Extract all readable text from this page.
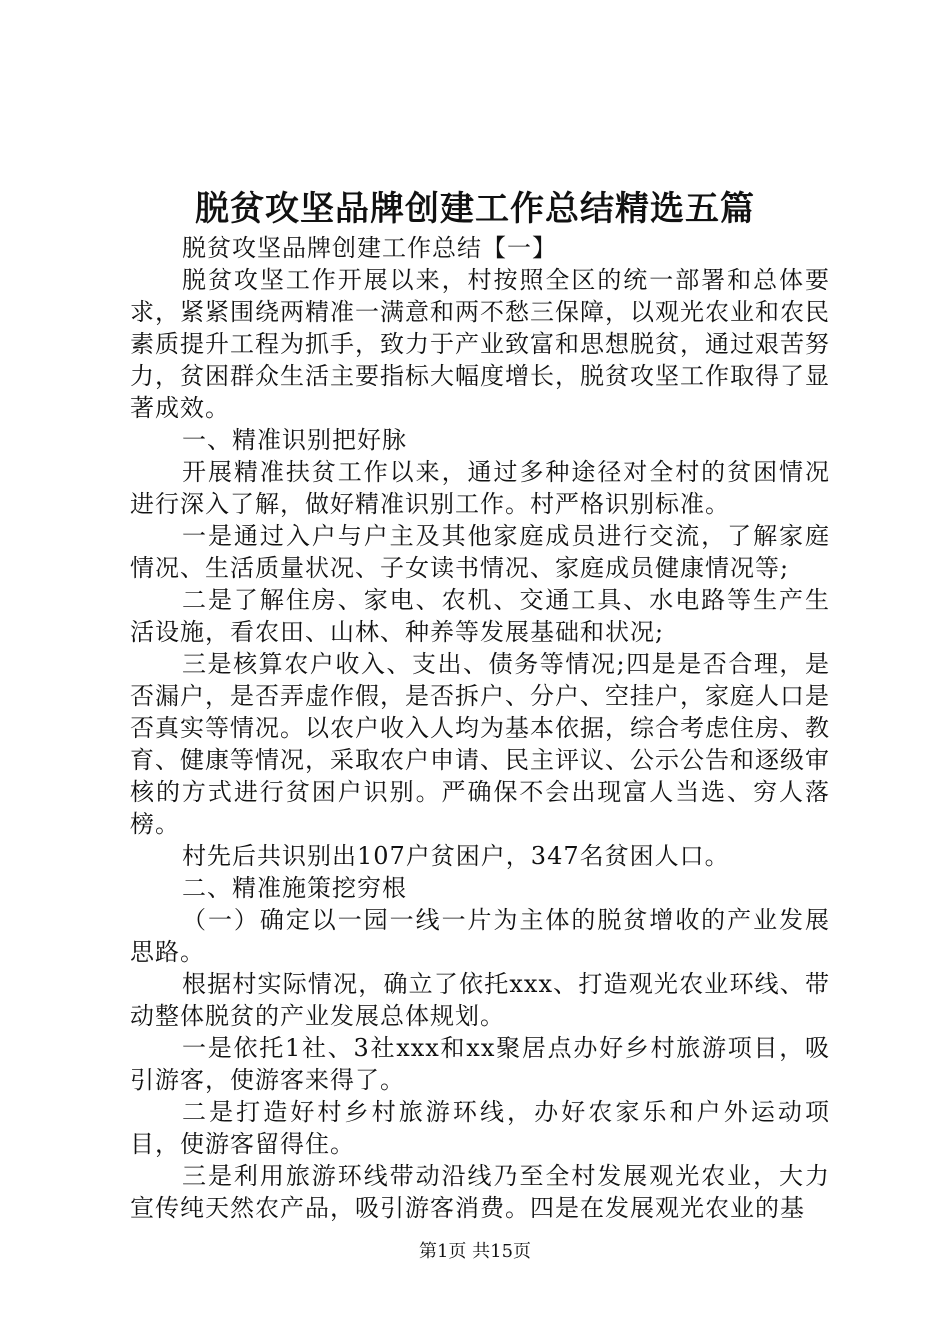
脱贫攻坚品牌创建工作总结精选五篇

脱贫攻坚品牌创建工作总结【一】

脱贫攻坚工作开展以来，村按照全区的统一部署和总体要求，紧紧围绕两精准一满意和两不愁三保障，以观光农业和农民素质提升工程为抓手，致力于产业致富和思想脱贫，通过艰苦努力，贫困群众生活主要指标大幅度增长，脱贫攻坚工作取得了显著成效。

一、精准识别把好脉

开展精准扶贫工作以来，通过多种途径对全村的贫困情况进行深入了解，做好精准识别工作。村严格识别标准。

一是通过入户与户主及其他家庭成员进行交流，了解家庭情况、生活质量状况、子女读书情况、家庭成员健康情况等;

二是了解住房、家电、农机、交通工具、水电路等生产生活设施，看农田、山林、种养等发展基础和状况;

三是核算农户收入、支出、债务等情况;四是是否合理，是否漏户，是否弄虚作假，是否拆户、分户、空挂户，家庭人口是否真实等情况。以农户收入人均为基本依据，综合考虑住房、教育、健康等情况，采取农户申请、民主评议、公示公告和逐级审核的方式进行贫困户识别。严确保不会出现富人当选、穷人落榜。

村先后共识别出107户贫困户，347名贫困人口。

二、精准施策挖穷根

（一）确定以一园一线一片为主体的脱贫增收的产业发展思路。

根据村实际情况，确立了依托xxx、打造观光农业环线、带动整体脱贫的产业发展总体规划。

一是依托1社、3社xxx和xx聚居点办好乡村旅游项目，吸引游客，使游客来得了。

二是打造好村乡村旅游环线，办好农家乐和户外运动项目，使游客留得住。

三是利用旅游环线带动沿线乃至全村发展观光农业，大力宣传纯天然农产品，吸引游客消费。四是在发展观光农业的基

第1页 共15页
